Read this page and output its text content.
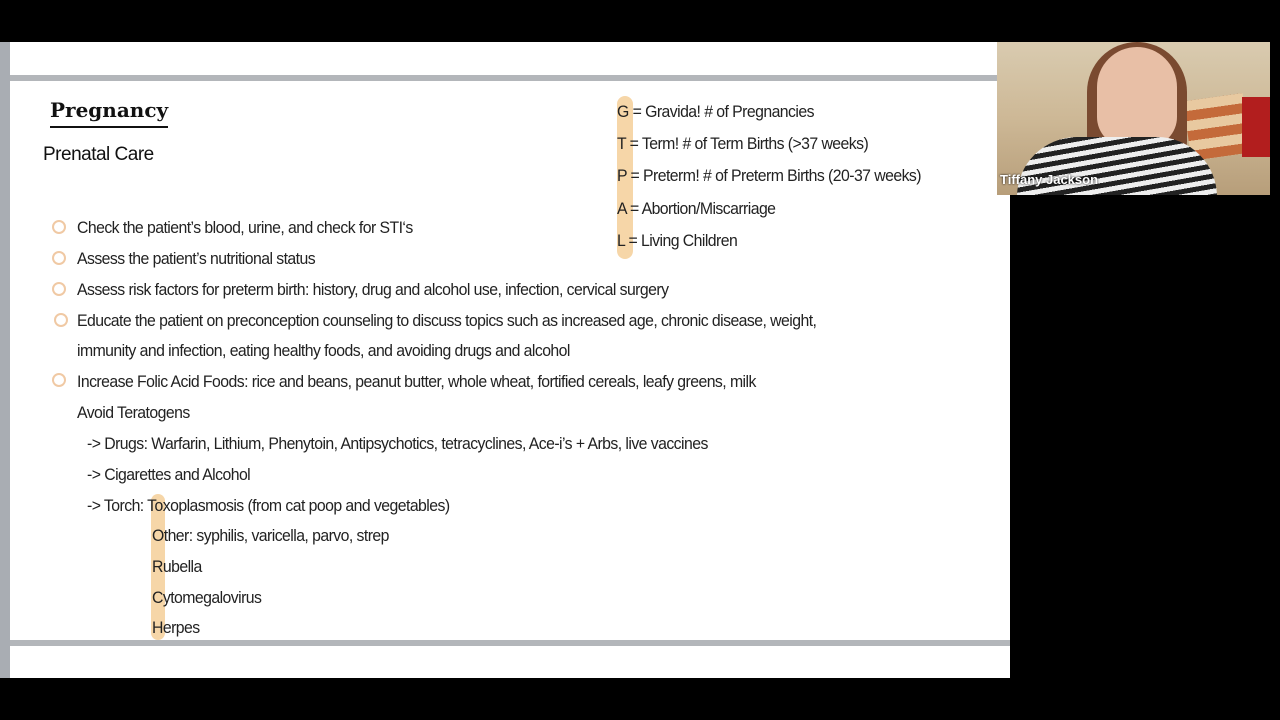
Pregnancy
Prenatal Care
Check the patient’s blood, urine, and check for STI‘s
Assess the patient’s nutritional status
Assess risk factors for preterm birth: history, drug and alcohol use, infection, cervical surgery
Educate the patient on preconception counseling to discuss topics such as increased age, chronic disease, weight,
immunity and infection, eating healthy foods, and avoiding drugs and alcohol
Increase Folic Acid Foods: rice and beans, peanut butter, whole wheat, fortified cereals, leafy greens, milk
Avoid Teratogens
-> Drugs: Warfarin, Lithium, Phenytoin, Antipsychotics, tetracyclines, Ace-i’s + Arbs, live vaccines
-> Cigarettes and Alcohol
-> Torch: Toxoplasmosis (from cat poop and vegetables)
Other: syphilis, varicella, parvo, strep
Rubella
Cytomegalovirus
Herpes
G = Gravida! # of Pregnancies
T = Term! # of Term Births (>37 weeks)
P = Preterm! # of Preterm Births (20-37 weeks)
A = Abortion/Miscarriage
L = Living Children
Tiffany Jackson
